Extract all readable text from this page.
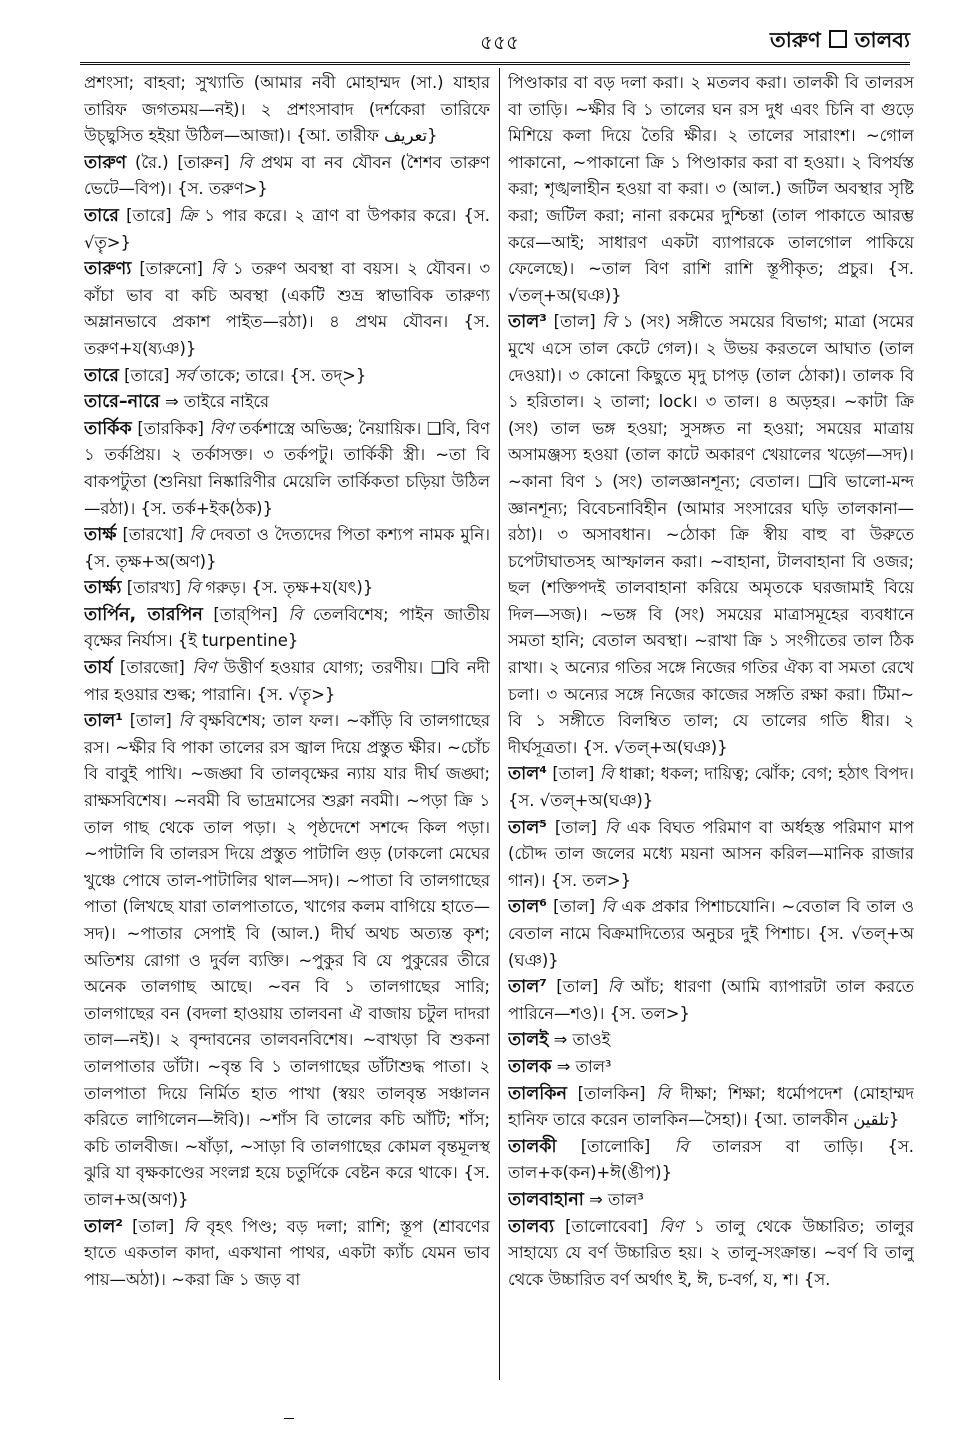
৫৫৫	তারুণ তালব্য

প্রশংসা; বাহবা; সুখ্যাতি (আমার নবী মোহাম্মদ (সা.) যাহার তারিফ জগতময়—নই)। ২ প্রশংসাবাদ (দর্শকেরা তারিফে উচ্ছ্বসিত হইয়া উঠিল—আজা)। {আ. তারীফ تعريف}

তারুণ (রৈ.) [তারুন] বি প্রথম বা নব যৌবন (শৈশব তারুণ ভেটে—বিপ)। {স. তরুণ>}

তারে [তারে] ক্রি ১ পার করে। ২ ত্রাণ বা উপকার করে। {স. √তৄ>}

তারুণ্য [তারুনো] বি ১ তরুণ অবস্থা বা বয়স। ২ যৌবন। ৩ কাঁচা ভাব বা কচি অবস্থা (একটি শুভ্র স্বাভাবিক তারুণ্য অম্লানভাবে প্রকাশ পাইত—রঠা)। ৪ প্রথম যৌবন। {স. তরুণ+য(ষ্যঞ)}

তারে [তারে] সর্ব তাকে; তারে। {স. তদ্>}

তারে–নারে ⇒ তাইরে নাইরে

তার্কিক [তারকিক] বিণ তর্কশাস্ত্রে অভিজ্ঞ; নৈয়ায়িক। ❑বি, বিণ ১ তর্কপ্রিয়। ২ তর্কাসক্ত। ৩ তর্কপটু। তার্কিকী স্ত্রী। ~তা বি বাকপটুতা (শুনিয়া নিষ্কারিণীর মেয়েলি তার্কিকতা চড়িয়া উঠিল—রঠা)। {স. তর্ক+ইক(ঠক)}

তার্ক্ষ [তারখো] বি দেবতা ও দৈত্যদের পিতা কশ্যপ নামক মুনি। {স. তৃক্ষ+অ(অণ)}

তার্ক্ষ্য [তারখ্য] বি গরুড়। {স. তৃক্ষ+য(যৎ)}

তার্পিন, তারপিন [তার্‌পিন] বি তেলবিশেষ; পাইন জাতীয় বৃক্ষের নির্যাস। {ই turpentine}

তার্য [তারজো] বিণ উত্তীর্ণ হওয়ার যোগ্য; তরণীয়। ❑বি নদী পার হওয়ার শুল্ক; পারানি। {স. √তৄ>}

তাল¹ [তাল] বি বৃক্ষবিশেষ; তাল ফল। ~কাঁড়ি বি তালগাছের রস। ~ক্ষীর বি পাকা তালের রস জ্বাল দিয়ে প্রস্তুত ক্ষীর। ~চোঁচ বি বাবুই পাখি। ~জঙ্ঘা বি তালবৃক্ষের ন্যায় যার দীর্ঘ জঙ্ঘা; রাক্ষসবিশেষ। ~নবমী বি ভাদ্রমাসের শুক্লা নবমী। ~পড়া ক্রি ১ তাল গাছ থেকে তাল পড়া। ২ পৃষ্ঠদেশে সশব্দে কিল পড়া। ~পাটালি বি তালরস দিয়ে প্রস্তুত পাটালি গুড় (ঢাকলো মেঘের খুঞ্চে পোষে তাল-পাটালির থাল—সদ)। ~পাতা বি তালগাছের পাতা (লিখছে যারা তালপাতাতে, খাগের কলম বাগিয়ে হাতে—সদ)। ~পাতার সেপাই বি (আল.) দীর্ঘ অথচ অত্যন্ত কৃশ; অতিশয় রোগা ও দুর্বল ব্যক্তি। ~পুকুর বি যে পুকুরের তীরে অনেক তালগাছ আছে। ~বন বি ১ তালগাছের সারি; তালগাছের বন (বদলা হাওয়ায় তালবনা ঐ বাজায় চটুল দাদরা তাল—নই)। ২ বৃন্দাবনের তালবনবিশেষ। ~বাখড়া বি শুকনা তালপাতার ডাঁটা। ~বৃন্ত বি ১ তালগাছের ডাঁটাশুদ্ধ পাতা। ২ তালপাতা দিয়ে নির্মিত হাত পাখা (স্বয়ং তালবৃন্ত সঞ্চালন করিতে লাগিলেন—ঈবি)। ~শাঁস বি তালের কচি আঁটি; শাঁস; কচি তালবীজ। ~ষাঁড়া, ~সাড়া বি তালগাছের কোমল বৃন্তমূলস্থ ঝুরি যা বৃক্ষকাণ্ডের সংলগ্ন হয়ে চতুর্দিকে বেষ্টন করে থাকে। {স. তাল+অ(অণ)}

তাল² [তাল] বি বৃহৎ পিণ্ড; বড় দলা; রাশি; স্তূপ (শ্রাবণের হাতে একতাল কাদা, একখানা পাথর, একটা ক্যাঁচ যেমন ভাব পায়—অঠা)। ~করা ক্রি ১ জড় বা

পিণ্ডাকার বা বড় দলা করা। ২ মতলব করা। তালকী বি তালরস বা তাড়ি। ~ক্ষীর বি ১ তালের ঘন রস দুধ এবং চিনি বা গুড়ে মিশিয়ে কলা দিয়ে তৈরি ক্ষীর। ২ তালের সারাংশ। ~গোল পাকানো, ~পাকানো ক্রি ১ পিণ্ডাকার করা বা হওয়া। ২ বিপর্যস্ত করা; শৃঙ্খলাহীন হওয়া বা করা। ৩ (আল.) জটিল অবস্থার সৃষ্টি করা; জটিল করা; নানা রকমের দুশ্চিন্তা (তাল পাকাতে আরম্ভ করে—আই; সাধারণ একটা ব্যাপারকে তালগোল পাকিয়ে ফেলেছে)। ~তাল বিণ রাশি রাশি স্তূপীকৃত; প্রচুর। {স. √তল্+অ(ঘঞ)}

তাল³ [তাল] বি ১ (সং) সঙ্গীতে সময়ের বিভাগ; মাত্রা (সমের মুখে এসে তাল কেটে গেল)। ২ উভয় করতলে আঘাত (তাল দেওয়া)। ৩ কোনো কিছুতে মৃদু চাপড় (তাল ঠোকা)। তালক বি ১ হরিতাল। ২ তালা; lock। ৩ তাল। ৪ অড়হর। ~কাটা ক্রি (সং) তাল ভঙ্গ হওয়া; সুসঙ্গত না হওয়া; সময়ের মাত্রায় অসামঞ্জস্য হওয়া (তাল কাটে অকারণ খেয়ালের খড়্গে—সদ)। ~কানা বিণ ১ (সং) তালজ্ঞানশূন্য; বেতাল। ❑বি ভালো-মন্দ জ্ঞানশূন্য; বিবেচনাবিহীন (আমার সংসারের ঘড়ি তালকানা—রঠা)। ৩ অসাবধান। ~ঠোকা ক্রি স্বীয় বাহু বা উরুতে চপেটাঘাতসহ আস্ফালন করা। ~বাহানা, টালবাহানা বি ওজর; ছল (শক্তিপদই তালবাহানা করিয়ে অমৃতকে ঘরজামাই বিয়ে দিল—সজ)। ~ভঙ্গ বি (সং) সময়ের মাত্রাসমূহের ব্যবধানে সমতা হানি; বেতাল অবস্থা। ~রাখা ক্রি ১ সংগীতের তাল ঠিক রাখা। ২ অন্যের গতির সঙ্গে নিজের গতির ঐক্য বা সমতা রেখে চলা। ৩ অন্যের সঙ্গে নিজের কাজের সঙ্গতি রক্ষা করা। টিমা~ বি ১ সঙ্গীতে বিলম্বিত তাল; যে তালের গতি ধীর। ২ দীর্ঘসূত্রতা। {স. √তল্+অ(ঘঞ)}

তাল⁴ [তাল] বি ধাক্কা; ধকল; দায়িত্ব; ঝোঁক; বেগ; হঠাৎ বিপদ। {স. √তল্+অ(ঘঞ)}

তাল⁵ [তাল] বি এক বিঘত পরিমাণ বা অর্ধহস্ত পরিমাণ মাপ (চৌদ্দ তাল জলের মধ্যে ময়না আসন করিল—মানিক রাজার গান)। {স. তল>}

তাল⁶ [তাল] বি এক প্রকার পিশাচযোনি। ~বেতাল বি তাল ও বেতাল নামে বিক্রমাদিত্যের অনুচর দুই পিশাচ। {স. √তল্+অ (ঘঞ)}

তাল⁷ [তাল] বি আঁচ; ধারণা (আমি ব্যাপারটা তাল করতে পারিনে—শও)। {স. তল>}

তালই ⇒ তাওই

তালক ⇒ তাল³

তালকিন [তালকিন] বি দীক্ষা; শিক্ষা; ধর্মোপদেশ (মোহাম্মদ হানিফ তারে করেন তালকিন—সৈহা)। {আ. তালকীন تلقين}

তালকী [তালোকি] বি তালরস বা তাড়ি। {স. তাল+ক(কন)+ঈ(ঙীপ)}

তালবাহানা ⇒ তাল³

তালব্য [তালোবেবা] বিণ ১ তালু থেকে উচ্চারিত; তালুর সাহায্যে যে বর্ণ উচ্চারিত হয়। ২ তালু-সংক্রান্ত। ~বর্ণ বি তালু থেকে উচ্চারিত বর্ণ অর্থাৎ ই, ঈ, চ-বর্গ, য, শ। {স.
